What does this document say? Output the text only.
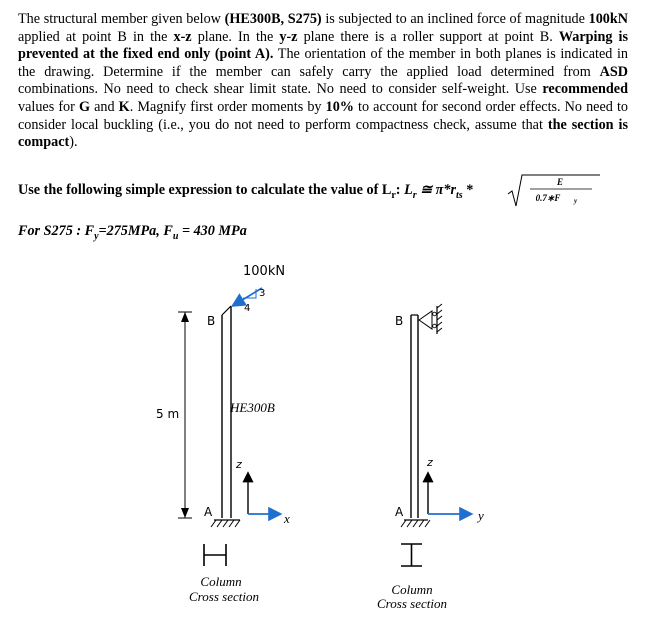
The structural member given below (HE300B, S275) is subjected to an inclined force of magnitude 100kN applied at point B in the x-z plane. In the y-z plane there is a roller support at point B. Warping is prevented at the fixed end only (point A). The orientation of the member in both planes is indicated in the drawing. Determine if the member can safely carry the applied load determined from ASD combinations. No need to check shear limit state. No need to consider self-weight. Use recommended values for G and K. Magnify first order moments by 10% to account for second order effects. No need to consider local buckling (i.e., you do not need to perform compactness check, assume that the section is compact).
Use the following simple expression to calculate the value of $L_r$: $L_r$ ≅ $\pi*r_{ts}$ *	E
0.7∗F y
5 m
B
A
3
4
100kN
HE300B
z
x
Column
Cross section
B
A
z
y
Column
Cross section
For S275 : $F_y=275MPa$, $F_u = 430$ MPa
